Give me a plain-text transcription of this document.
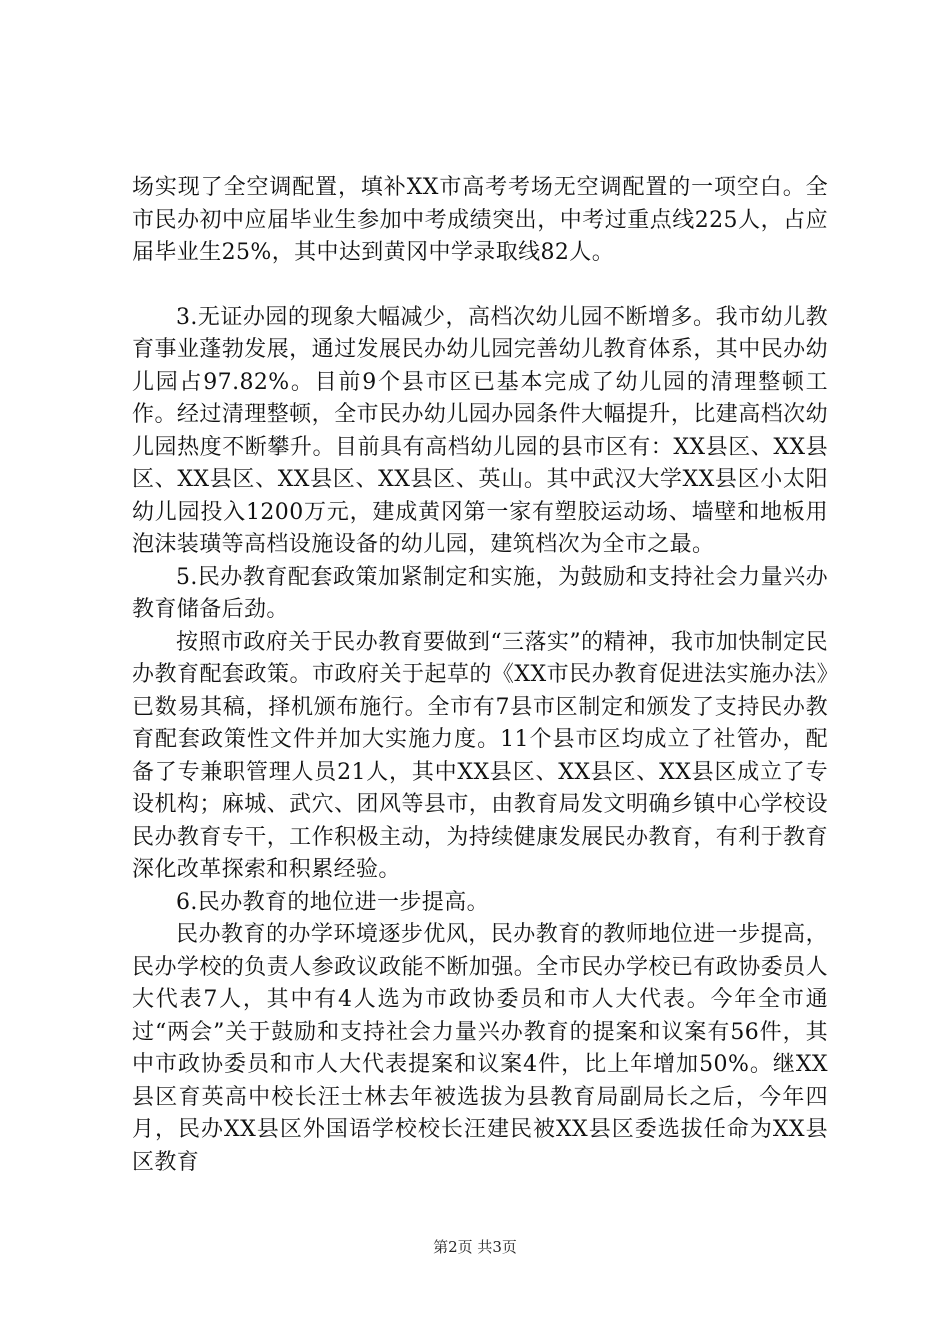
场实现了全空调配置，填补XX市高考考场无空调配置的一项空白。全市民办初中应届毕业生参加中考成绩突出，中考过重点线225人，占应届毕业生25%，其中达到黄冈中学录取线82人。

3.无证办园的现象大幅减少，高档次幼儿园不断增多。我市幼儿教育事业蓬勃发展，通过发展民办幼儿园完善幼儿教育体系，其中民办幼儿园占97.82%。目前9个县市区已基本完成了幼儿园的清理整顿工作。经过清理整顿，全市民办幼儿园办园条件大幅提升，比建高档次幼儿园热度不断攀升。目前具有高档幼儿园的县市区有：XX县区、XX县区、XX县区、XX县区、XX县区、英山。其中武汉大学XX县区小太阳幼儿园投入1200万元，建成黄冈第一家有塑胶运动场、墙壁和地板用泡沫装璜等高档设施设备的幼儿园，建筑档次为全市之最。

5.民办教育配套政策加紧制定和实施，为鼓励和支持社会力量兴办教育储备后劲。

按照市政府关于民办教育要做到“三落实”的精神，我市加快制定民办教育配套政策。市政府关于起草的《XX市民办教育促进法实施办法》已数易其稿，择机颁布施行。全市有7县市区制定和颁发了支持民办教育配套政策性文件并加大实施力度。11个县市区均成立了社管办，配备了专兼职管理人员21人，其中XX县区、XX县区、XX县区成立了专设机构；麻城、武穴、团风等县市，由教育局发文明确乡镇中心学校设民办教育专干，工作积极主动，为持续健康发展民办教育，有利于教育深化改革探索和积累经验。

6.民办教育的地位进一步提高。

民办教育的办学环境逐步优风，民办教育的教师地位进一步提高，民办学校的负责人参政议政能不断加强。全市民办学校已有政协委员人大代表7人，其中有4人选为市政协委员和市人大代表。今年全市通过“两会”关于鼓励和支持社会力量兴办教育的提案和议案有56件，其中市政协委员和市人大代表提案和议案4件，比上年增加50%。继XX县区育英高中校长汪士林去年被选拔为县教育局副局长之后，今年四月，民办XX县区外国语学校校长汪建民被XX县区委选拔任命为XX县区教育

第2页 共3页
